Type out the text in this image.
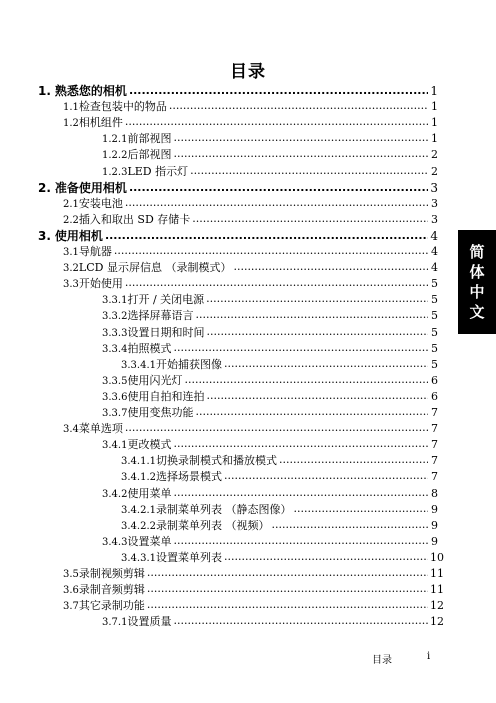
目录
1. 熟悉您的相机 .....	1
1.1 检查包装中的物品 .....	1
1.2 相机组件 .....	1
1.2.1 前部视图 .....	1
1.2.2 后部视图 .....	2
1.2.3 LED 指示灯 .....	2
2. 准备使用相机 .....	3
2.1 安装电池 .....	3
2.2 插入和取出 SD 存储卡 .....	3
3. 使用相机 .....	4
3.1 导航器 .....	4
3.2 LCD 显示屏信息 （录制模式） .....	4
3.3 开始使用 .....	5
3.3.1 打开 / 关闭电源 .....	5
3.3.2 选择屏幕语言 .....	5
3.3.3 设置日期和时间 .....	5
3.3.4 拍照模式 .....	5
3.3.4.1 开始捕获图像 .....	5
3.3.5 使用闪光灯 .....	6
3.3.6 使用自拍和连拍 .....	6
3.3.7 使用变焦功能 .....	7
3.4 菜单选项 .....	7
3.4.1 更改模式 .....	7
3.4.1.1 切换录制模式和播放模式 .....	7
3.4.1.2 选择场景模式 .....	7
3.4.2 使用菜单 .....	8
3.4.2.1 录制菜单列表 （静态图像） .....	9
3.4.2.2 录制菜单列表 （视频） .....	9
3.4.3 设置菜单 .....	9
3.4.3.1 设置菜单列表 .....	10
3.5 录制视频剪辑 .....	11
3.6 录制音频剪辑 .....	11
3.7 其它录制功能 .....	12
3.7.1 设置质量 .....	12
简
体
中
文
目录	i
